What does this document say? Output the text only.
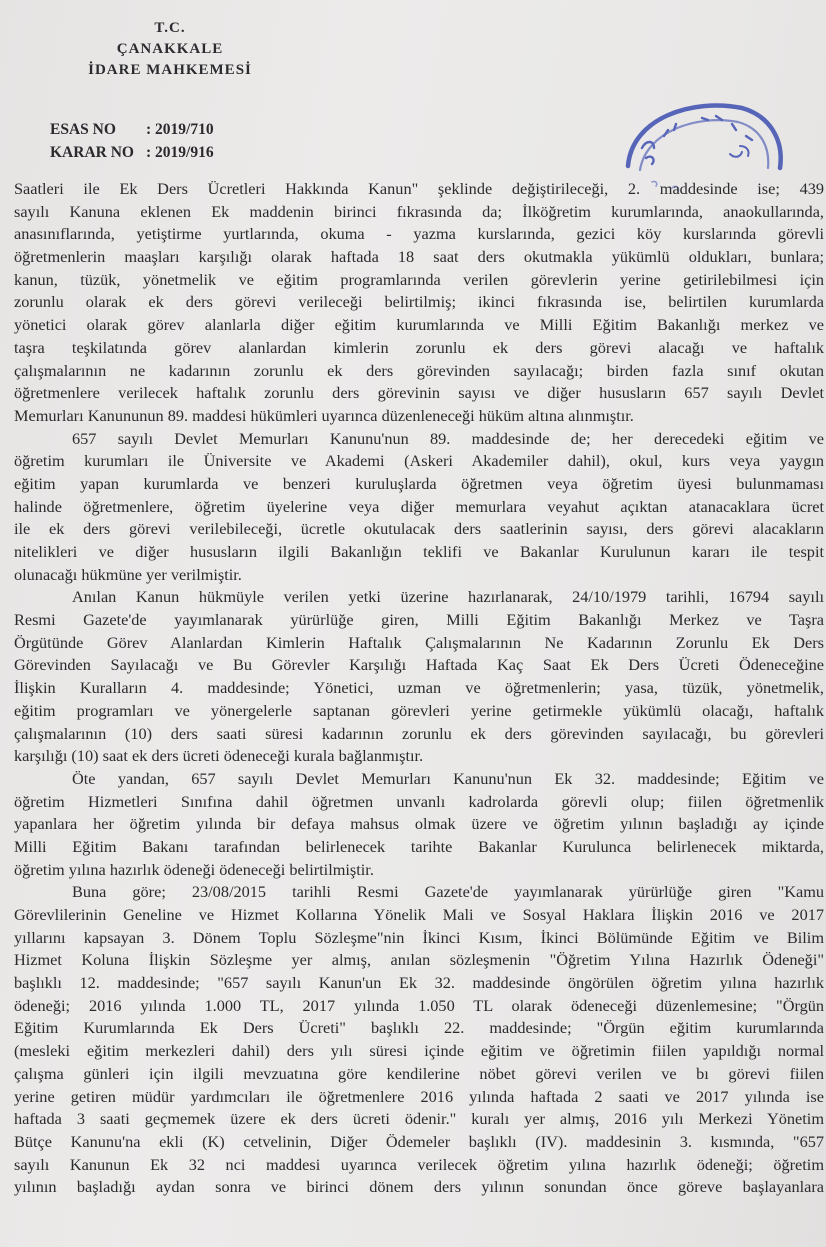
T.C.
ÇANAKKALE
İDARE MAHKEMESİ
ESAS NO : 2019/710
KARAR NO : 2019/916
Saatleri ile Ek Ders Ücretleri Hakkında Kanun" şeklinde değiştirileceği, 2. maddesinde ise; 439
sayılı Kanuna eklenen Ek maddenin birinci fıkrasında da; İlköğretim kurumlarında, anaokullarında,
anasınıflarında, yetiştirme yurtlarında, okuma - yazma kurslarında, gezici köy kurslarında görevli
öğretmenlerin maaşları karşılığı olarak haftada 18 saat ders okutmakla yükümlü oldukları, bunlara;
kanun, tüzük, yönetmelik ve eğitim programlarında verilen görevlerin yerine getirilebilmesi için
zorunlu olarak ek ders görevi verileceği belirtilmiş; ikinci fıkrasında ise, belirtilen kurumlarda
yönetici olarak görev alanlarla diğer eğitim kurumlarında ve Milli Eğitim Bakanlığı merkez ve
taşra teşkilatında görev alanlardan kimlerin zorunlu ek ders görevi alacağı ve haftalık
çalışmalarının ne kadarının zorunlu ek ders görevinden sayılacağı; birden fazla sınıf okutan
öğretmenlere verilecek haftalık zorunlu ders görevinin sayısı ve diğer hususların 657 sayılı Devlet
Memurları Kanununun 89. maddesi hükümleri uyarınca düzenleneceği hüküm altına alınmıştır.
657 sayılı Devlet Memurları Kanunu'nun 89. maddesinde de; her derecedeki eğitim ve
öğretim kurumları ile Üniversite ve Akademi (Askeri Akademiler dahil), okul, kurs veya yaygın
eğitim yapan kurumlarda ve benzeri kuruluşlarda öğretmen veya öğretim üyesi bulunmaması
halinde öğretmenlere, öğretim üyelerine veya diğer memurlara veyahut açıktan atanacaklara ücret
ile ek ders görevi verilebileceği, ücretle okutulacak ders saatlerinin sayısı, ders görevi alacakların
nitelikleri ve diğer hususların ilgili Bakanlığın teklifi ve Bakanlar Kurulunun kararı ile tespit
olunacağı hükmüne yer verilmiştir.
Anılan Kanun hükmüyle verilen yetki üzerine hazırlanarak, 24/10/1979 tarihli, 16794 sayılı
Resmi Gazete'de yayımlanarak yürürlüğe giren, Milli Eğitim Bakanlığı Merkez ve Taşra
Örgütünde Görev Alanlardan Kimlerin Haftalık Çalışmalarının Ne Kadarının Zorunlu Ek Ders
Görevinden Sayılacağı ve Bu Görevler Karşılığı Haftada Kaç Saat Ek Ders Ücreti Ödeneceğine
İlişkin Kuralların 4. maddesinde; Yönetici, uzman ve öğretmenlerin; yasa, tüzük, yönetmelik,
eğitim programları ve yönergelerle saptanan görevleri yerine getirmekle yükümlü olacağı, haftalık
çalışmalarının (10) ders saati süresi kadarının zorunlu ek ders görevinden sayılacağı, bu görevleri
karşılığı (10) saat ek ders ücreti ödeneceği kurala bağlanmıştır.
Öte yandan, 657 sayılı Devlet Memurları Kanunu'nun Ek 32. maddesinde; Eğitim ve
öğretim Hizmetleri Sınıfına dahil öğretmen unvanlı kadrolarda görevli olup; fiilen öğretmenlik
yapanlara her öğretim yılında bir defaya mahsus olmak üzere ve öğretim yılının başladığı ay içinde
Milli Eğitim Bakanı tarafından belirlenecek tarihte Bakanlar Kurulunca belirlenecek miktarda,
öğretim yılına hazırlık ödeneği ödeneceği belirtilmiştir.
Buna göre; 23/08/2015 tarihli Resmi Gazete'de yayımlanarak yürürlüğe giren "Kamu
Görevlilerinin Geneline ve Hizmet Kollarına Yönelik Mali ve Sosyal Haklara İlişkin 2016 ve 2017
yıllarını kapsayan 3. Dönem Toplu Sözleşme"nin İkinci Kısım, İkinci Bölümünde Eğitim ve Bilim
Hizmet Koluna İlişkin Sözleşme yer almış, anılan sözleşmenin "Öğretim Yılına Hazırlık Ödeneği"
başlıklı 12. maddesinde; "657 sayılı Kanun'un Ek 32. maddesinde öngörülen öğretim yılına hazırlık
ödeneği; 2016 yılında 1.000 TL, 2017 yılında 1.050 TL olarak ödeneceği düzenlemesine; "Örgün
Eğitim Kurumlarında Ek Ders Ücreti" başlıklı 22. maddesinde; "Örgün eğitim kurumlarında
(mesleki eğitim merkezleri dahil) ders yılı süresi içinde eğitim ve öğretimin fiilen yapıldığı normal
çalışma günleri için ilgili mevzuatına göre kendilerine nöbet görevi verilen ve bı görevi fiilen
yerine getiren müdür yardımcıları ile öğretmenlere 2016 yılında haftada 2 saati ve 2017 yılında ise
haftada 3 saati geçmemek üzere ek ders ücreti ödenir." kuralı yer almış, 2016 yılı Merkezi Yönetim
Bütçe Kanunu'na ekli (K) cetvelinin, Diğer Ödemeler başlıklı (IV). maddesinin 3. kısmında, "657
sayılı Kanunun Ek 32 nci maddesi uyarınca verilecek öğretim yılına hazırlık ödeneği; öğretim
yılının başladığı aydan sonra ve birinci dönem ders yılının sonundan önce göreve başlayanlara
